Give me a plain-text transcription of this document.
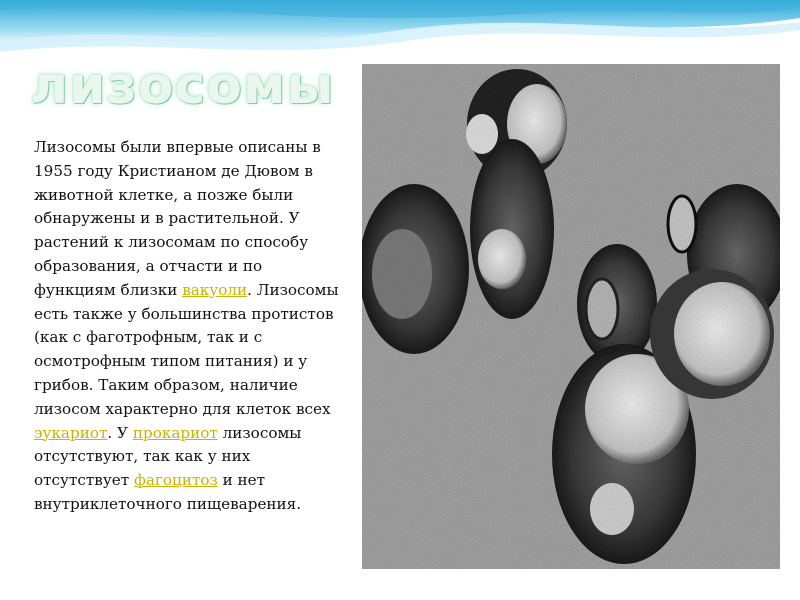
лизосомы
Лизосомы были впервые описаны в 1955 году Кристианом де Дювом в животной клетке, а позже были обнаружены и в растительной. У растений к лизосомам по способу образования, а отчасти и по функциям близки вакуоли. Лизосомы есть также у большинства протистов (как с фаготрофным, так и с осмотрофным типом питания) и у грибов. Таким образом, наличие лизосом характерно для клеток всех эукариот. У прокариот лизосомы отсутствуют, так как у них отсутствует фагоцитоз и нет внутриклеточного пищеварения.
